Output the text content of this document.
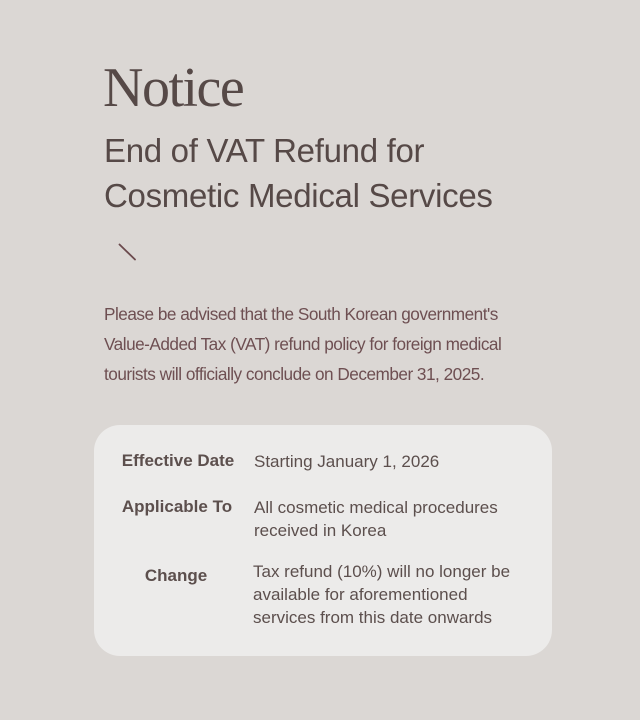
Notice
End of VAT Refund for
Cosmetic Medical Services

Please be advised that the South Korean government's
Value-Added Tax (VAT) refund policy for foreign medical
tourists will officially conclude on December 31, 2025.

Effective Date	Starting January 1, 2026
Applicable To	All cosmetic medical procedures
received in Korea
Change	Tax refund (10%) will no longer be
available for aforementioned
services from this date onwards
